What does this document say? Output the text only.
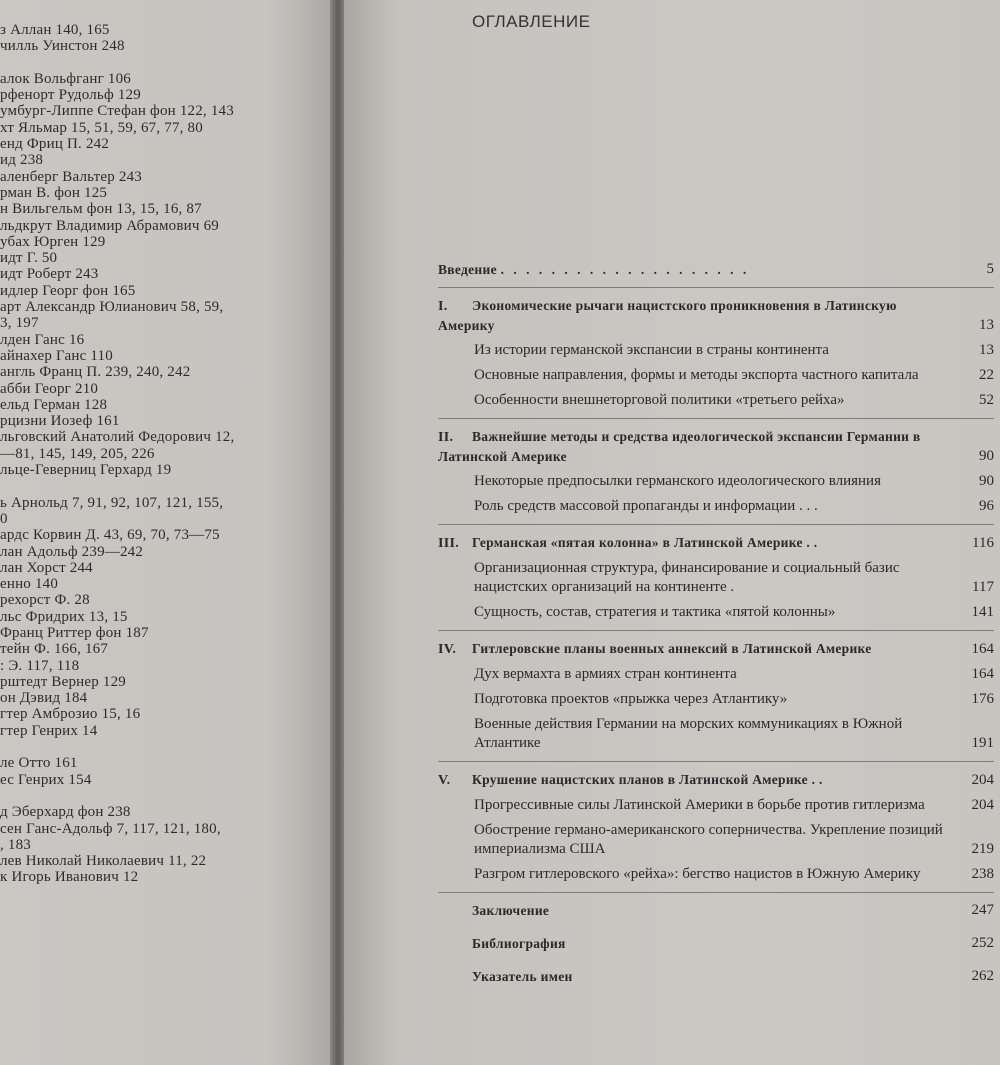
з Аллан 140, 165
чилль Уинстон 248
алок Вольфганг 106
рфенорт Рудольф 129
умбург-Липпе Стефан фон 122, 143
хт Яльмар 15, 51, 59, 67, 77, 80
енд Фриц П. 242
ид 238
аленберг Вальтер 243
рман В. фон 125
н Вильгельм фон 13, 15, 16, 87
льдкрут Владимир Абрамович 69
убах Юрген 129
идт Г. 50
идт Роберт 243
идлер Георг фон 165
арт Александр Юлианович 58, 59,
3, 197
лден Ганс 16
айнахер Ганс 110
англь Франц П. 239, 240, 242
абби Георг 210
ельд Герман 128
рцизни Иозеф 161
льговский Анатолий Федорович 12,
—81, 145, 149, 205, 226
льце-Геверниц Герхард 19
ь Арнольд 7, 91, 92, 107, 121, 155,
0
ардс Корвин Д. 43, 69, 70, 73—75
лан Адольф 239—242
лан Хорст 244
енно 140
рехорст Ф. 28
льс Фридрих 13, 15
Франц Риттер фон 187
тейн Ф. 166, 167
: Э. 117, 118
рштедт Вернер 129
он Дэвид 184
гтер Амброзио 15, 16
гтер Генрих 14
ле Отто 161
ес Генрих 154
д Эберхард фон 238
сен Ганс-Адольф 7, 117, 121, 180,
, 183
лев Николай Николаевич 11, 22
к Игорь Иванович 12
ОГЛАВЛЕНИЕ
Введение . . . . . . . . . . . . . . . . . . . .	5
I. Экономические рычаги нацистского проникновения в Латинскую Америку	13
Из истории германской экспансии в страны континента	13
Основные направления, формы и методы экспорта частного капитала	22
Особенности внешнеторговой политики «третьего рейха»	52
II. Важнейшие методы и средства идеологической экспансии Германии в Латинской Америке	90
Некоторые предпосылки германского идеологического влияния	90
Роль средств массовой пропаганды и информации . . .	96
III. Германская «пятая колонна» в Латинской Америке . .	116
Организационная структура, финансирование и социальный базис нацистских организаций на континенте .	117
Сущность, состав, стратегия и тактика «пятой колонны»	141
IV. Гитлеровские планы военных аннексий в Латинской Америке	164
Дух вермахта в армиях стран континента	164
Подготовка проектов «прыжка через Атлантику»	176
Военные действия Германии на морских коммуникациях в Южной Атлантике	191
V. Крушение нацистских планов в Латинской Америке . .	204
Прогрессивные силы Латинской Америки в борьбе против гитлеризма	204
Обострение германо-американского соперничества. Укрепление позиций империализма США	219
Разгром гитлеровского «рейха»: бегство нацистов в Южную Америку	238
Заключение	247
Библиография	252
Указатель имен	262
